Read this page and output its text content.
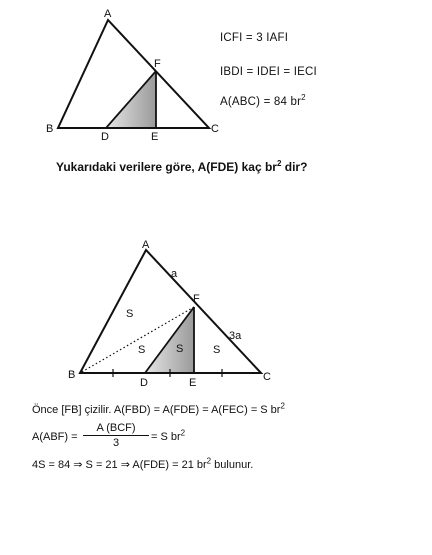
A
B	C
D	E
F
A
B	C
D	E
F
a
3a
S
S	S	S
ICFI = 3 IAFI
IBDI = IDEI = IECI
A(ABC) = 84 $br^2$
Yukarıdaki verilere göre, A(FDE) kaç $br^2$ dir?
Önce [FB] çizilir. A(FBD) = A(FDE) = A(FEC) = S $br^2$
A(ABF) =
A (BCF)
3	= S $br^2$
4S = 84 ⇒ S = 21 ⇒ A(FDE) = 21 $br^2$ bulunur.
